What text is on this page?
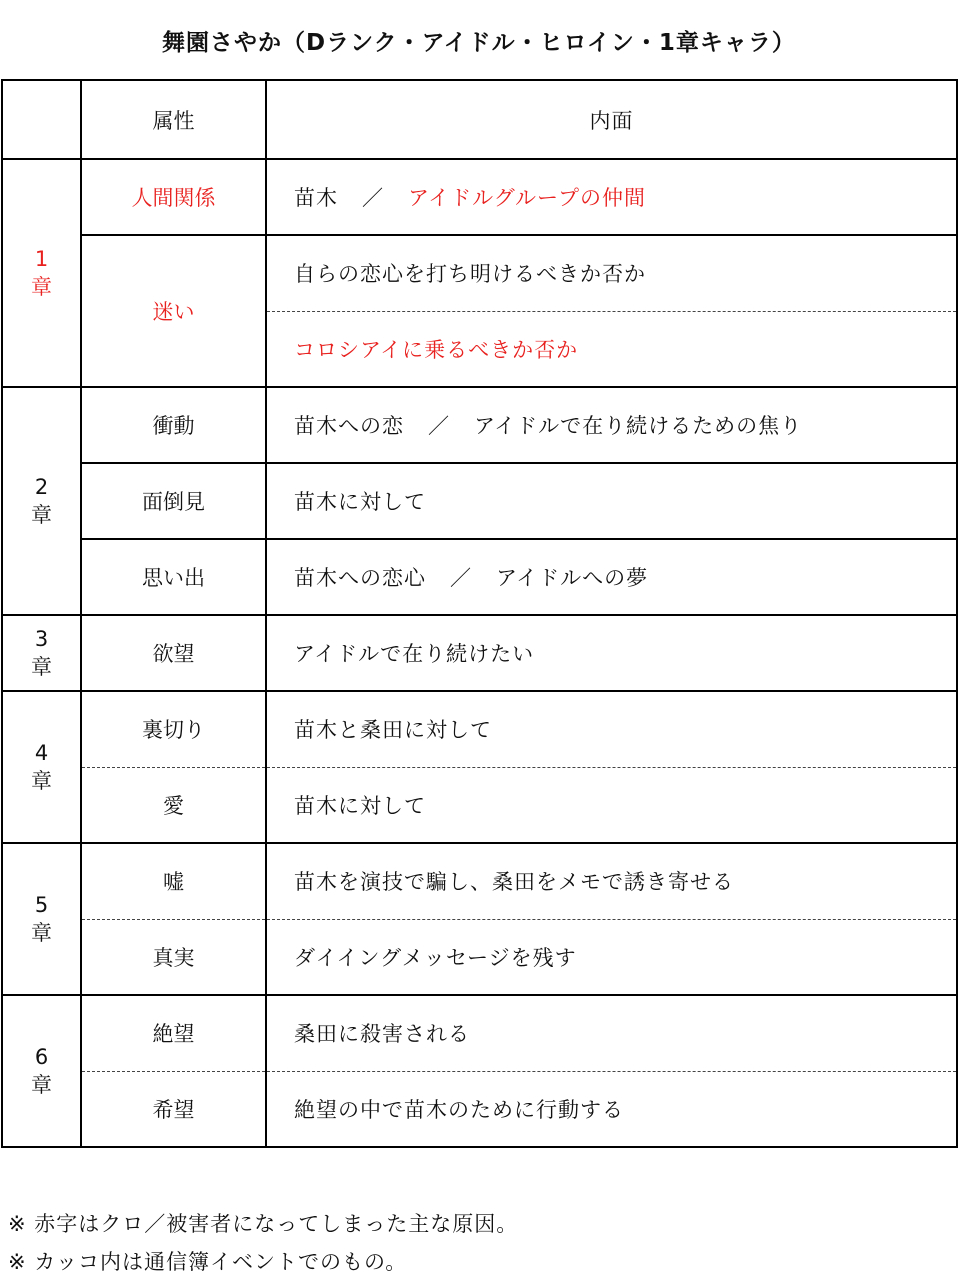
舞園さやか（Dランク・アイドル・ヒロイン・1章キャラ）
	属性	内面
1
章	人間関係	苗木 ／ アイドルグループの仲間
	迷い	自らの恋心を打ち明けるべきか否か
		コロシアイに乗るべきか否か
2
章	衝動	苗木への恋 ／ アイドルで在り続けるための焦り
	面倒見	苗木に対して
	思い出	苗木への恋心 ／ アイドルへの夢
3
章	欲望	アイドルで在り続けたい
4
章	裏切り	苗木と桑田に対して
	愛	苗木に対して
5
章	嘘	苗木を演技で騙し、桑田をメモで誘き寄せる
	真実	ダイイングメッセージを残す
6
章	絶望	桑田に殺害される
	希望	絶望の中で苗木のために行動する
※ 赤字はクロ／被害者になってしまった主な原因。
※ カッコ内は通信簿イベントでのもの。
